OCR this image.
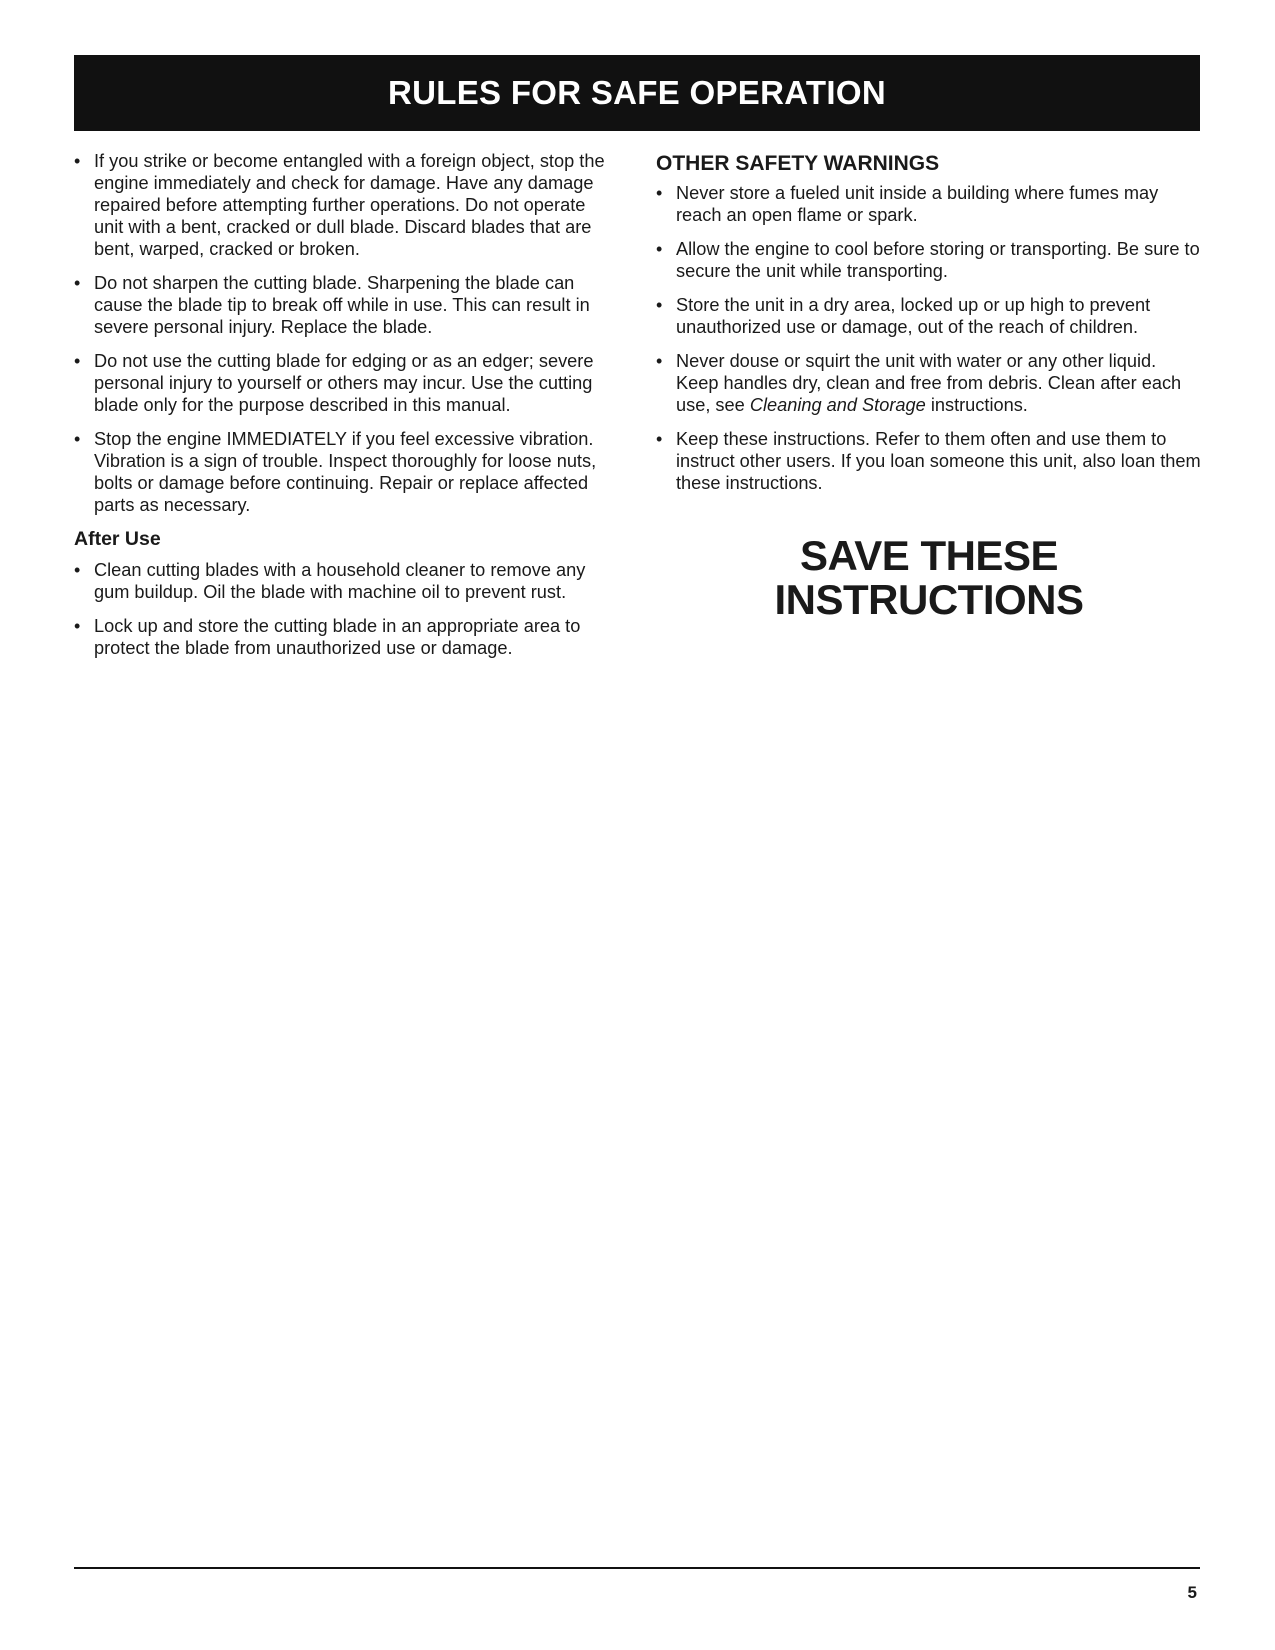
RULES FOR SAFE OPERATION
• If you strike or become entangled with a foreign object, stop the engine immediately and check for damage. Have any damage repaired before attempting further operations. Do not operate unit with a bent, cracked or dull blade. Discard blades that are bent, warped, cracked or broken.
• Do not sharpen the cutting blade. Sharpening the blade can cause the blade tip to break off while in use. This can result in severe personal injury. Replace the blade.
• Do not use the cutting blade for edging or as an edger; severe personal injury to yourself or others may incur. Use the cutting blade only for the purpose described in this manual.
• Stop the engine IMMEDIATELY if you feel excessive vibration. Vibration is a sign of trouble. Inspect thoroughly for loose nuts, bolts or damage before continuing. Repair or replace affected parts as necessary.
After Use
• Clean cutting blades with a household cleaner to remove any gum buildup. Oil the blade with machine oil to prevent rust.
• Lock up and store the cutting blade in an appropriate area to protect the blade from unauthorized use or damage.
OTHER SAFETY WARNINGS
• Never store a fueled unit inside a building where fumes may reach an open flame or spark.
• Allow the engine to cool before storing or transporting. Be sure to secure the unit while transporting.
• Store the unit in a dry area, locked up or up high to prevent unauthorized use or damage, out of the reach of children.
• Never douse or squirt the unit with water or any other liquid. Keep handles dry, clean and free from debris. Clean after each use, see Cleaning and Storage instructions.
• Keep these instructions. Refer to them often and use them to instruct other users. If you loan someone this unit, also loan them these instructions.
SAVE THESE
INSTRUCTIONS
5
